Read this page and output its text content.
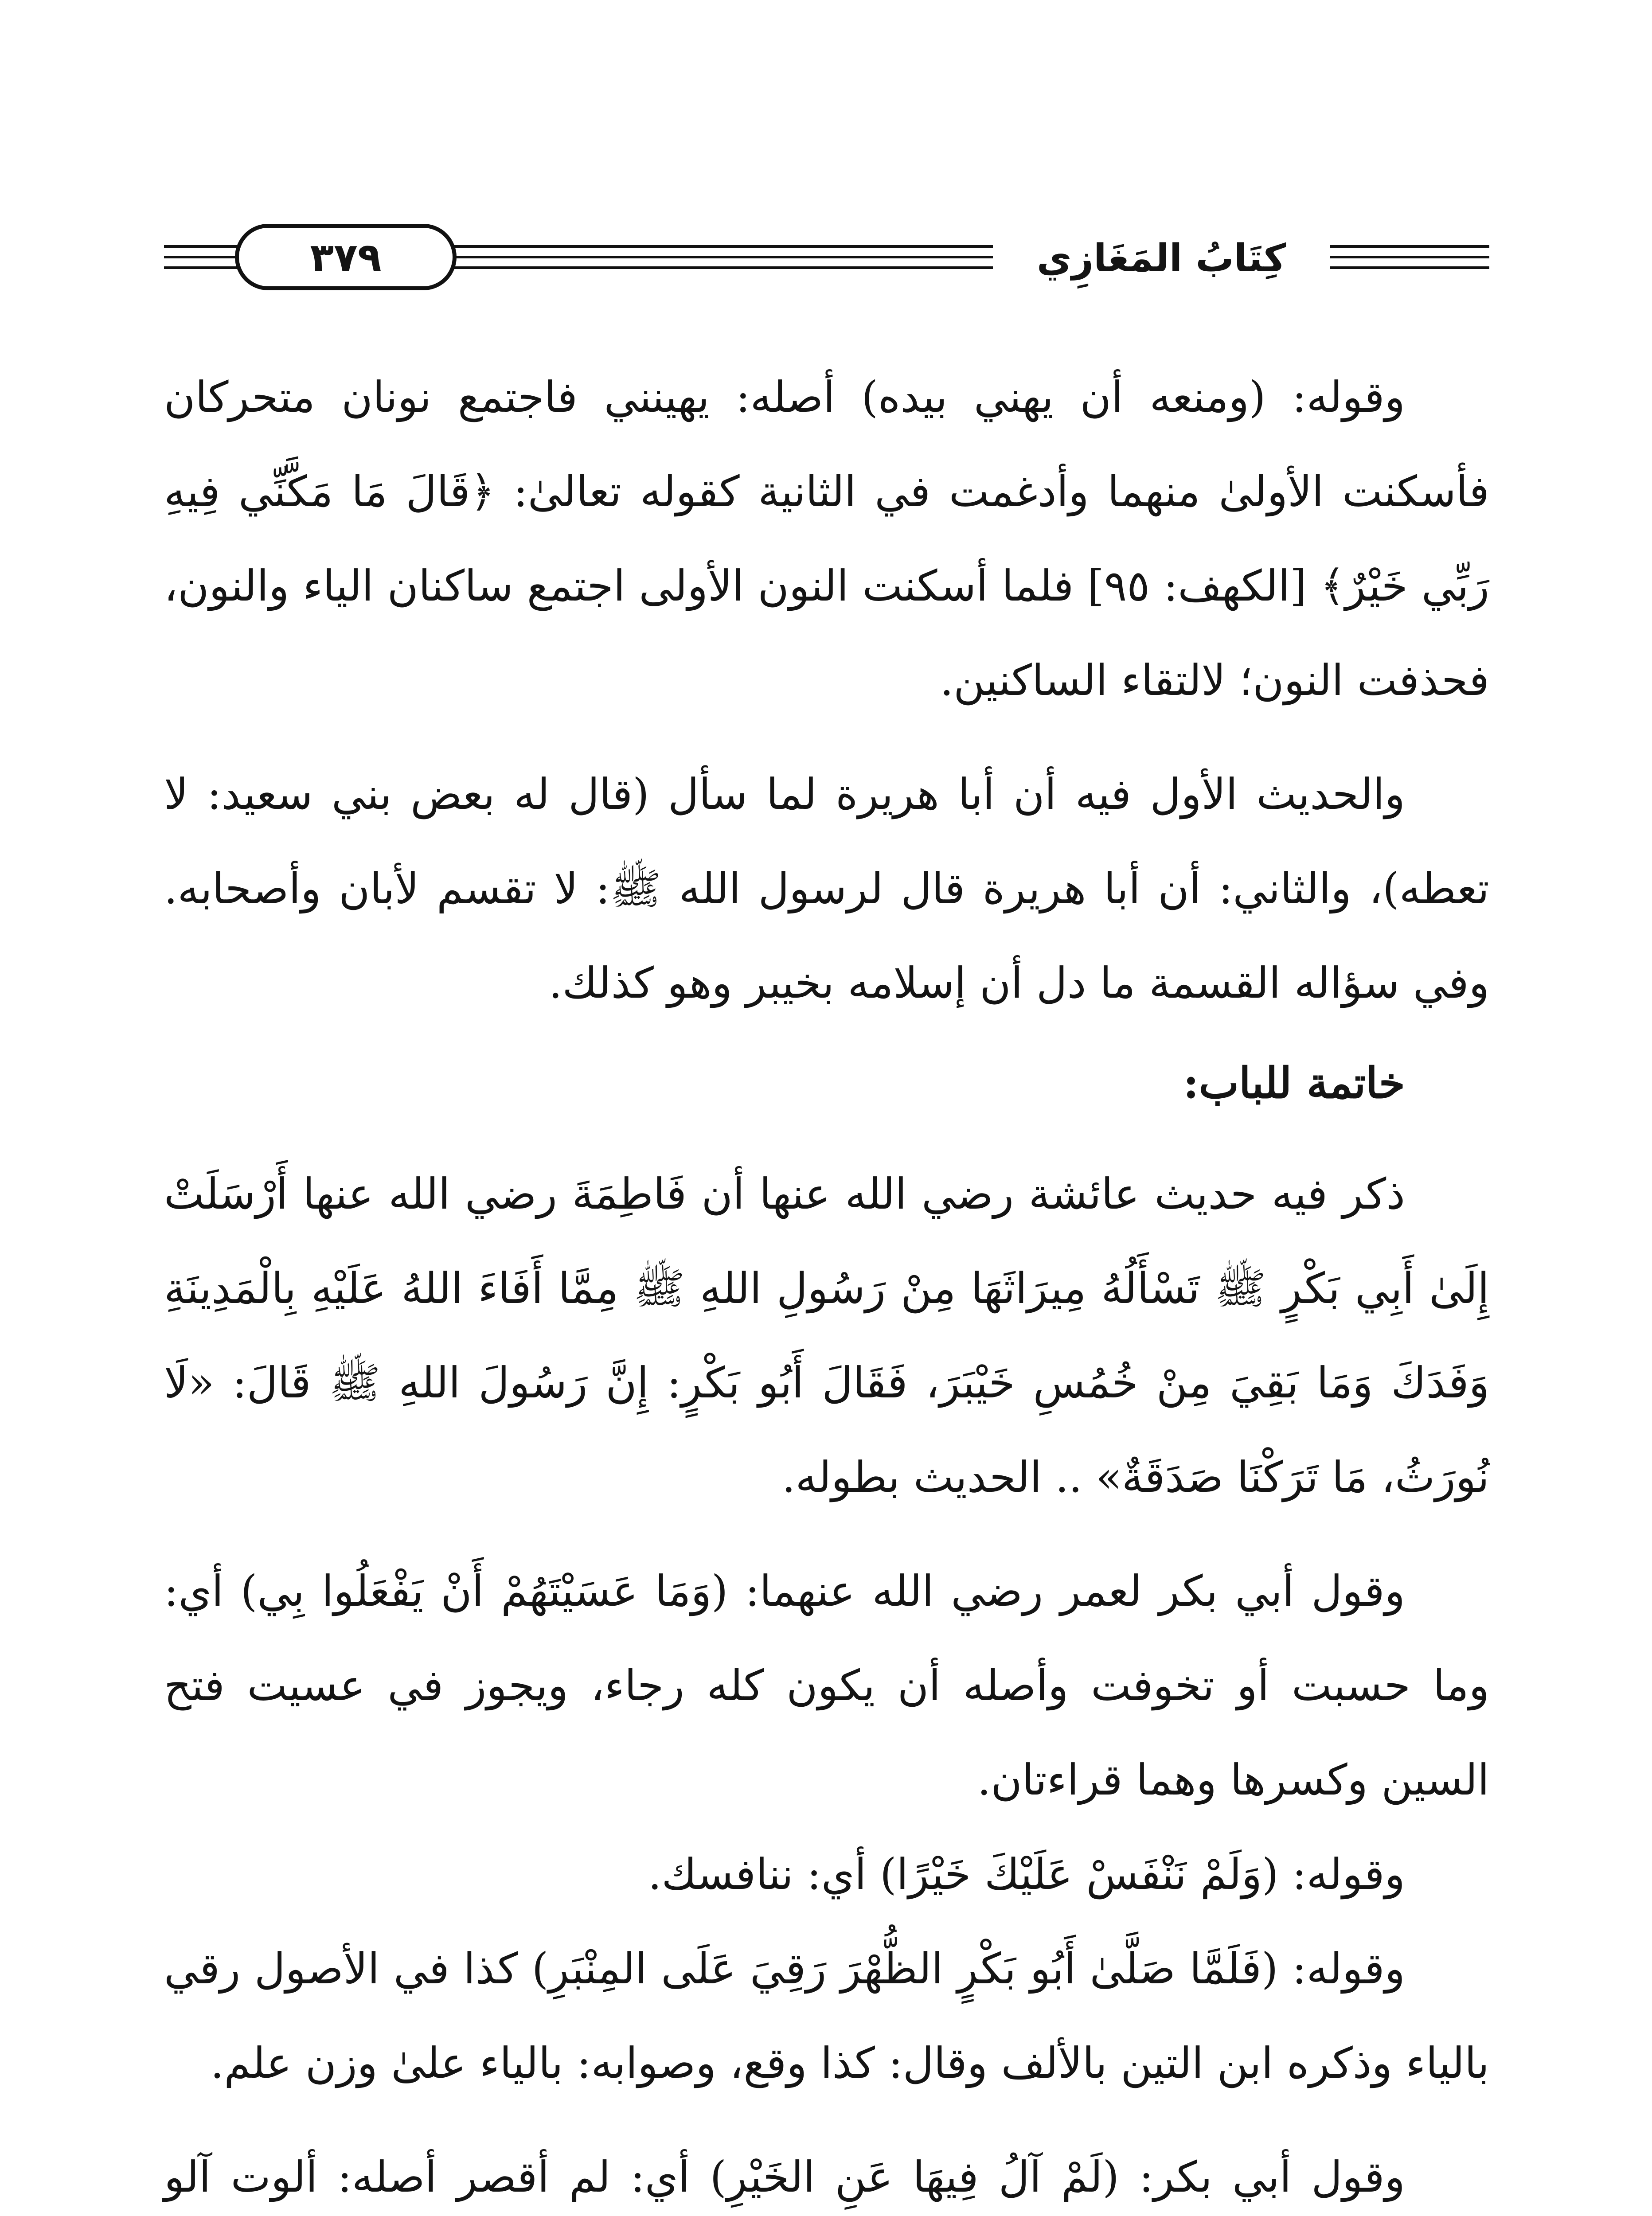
٣٧٩	كِتَابُ المَغَازِي

وقوله: (ومنعه أن يهني بيده) أصله: يهينني فاجتمع نونان متحركان فأسكنت الأولىٰ منهما وأدغمت في الثانية كقوله تعالىٰ: ﴿قَالَ مَا مَكَّنِّي فِيهِ رَبِّي خَيْرٌ﴾ [الكهف: ٩٥] فلما أسكنت النون الأولى اجتمع ساكنان الياء والنون، فحذفت النون؛ لالتقاء الساكنين.

والحديث الأول فيه أن أبا هريرة لما سأل (قال له بعض بني سعيد: لا تعطه)، والثاني: أن أبا هريرة قال لرسول الله ﷺ: لا تقسم لأبان وأصحابه. وفي سؤاله القسمة ما دل أن إسلامه بخيبر وهو كذلك.

خاتمة للباب:

ذكر فيه حديث عائشة رضي الله عنها أن فَاطِمَةَ رضي الله عنها أَرْسَلَتْ إِلَىٰ أَبِي بَكْرٍ ﷺ تَسْأَلُهُ مِيرَاثَهَا مِنْ رَسُولِ اللهِ ﷺ مِمَّا أَفَاءَ اللهُ عَلَيْهِ بِالْمَدِينَةِ وَفَدَكَ وَمَا بَقِيَ مِنْ خُمُسِ خَيْبَرَ، فَقَالَ أَبُو بَكْرٍ: إِنَّ رَسُولَ اللهِ ﷺ قَالَ: «لَا نُورَثُ، مَا تَرَكْنَا صَدَقَةٌ» .. الحديث بطوله.

وقول أبي بكر لعمر رضي الله عنهما: (وَمَا عَسَيْتَهُمْ أَنْ يَفْعَلُوا بِي) أي: وما حسبت أو تخوفت وأصله أن يكون كله رجاء، ويجوز في عسيت فتح السين وكسرها وهما قراءتان.

وقوله: (وَلَمْ نَنْفَسْ عَلَيْكَ خَيْرًا) أي: ننافسك.

وقوله: (فَلَمَّا صَلَّىٰ أَبُو بَكْرٍ الظُّهْرَ رَقِيَ عَلَى المِنْبَرِ) كذا في الأصول رقي بالياء وذكره ابن التين بالألف وقال: كذا وقع، وصوابه: بالياء علىٰ وزن علم.

وقول أبي بكر: (لَمْ آلُ فِيهَا عَنِ الخَيْرِ) أي: لم أقصر أصله: ألوت آلو
